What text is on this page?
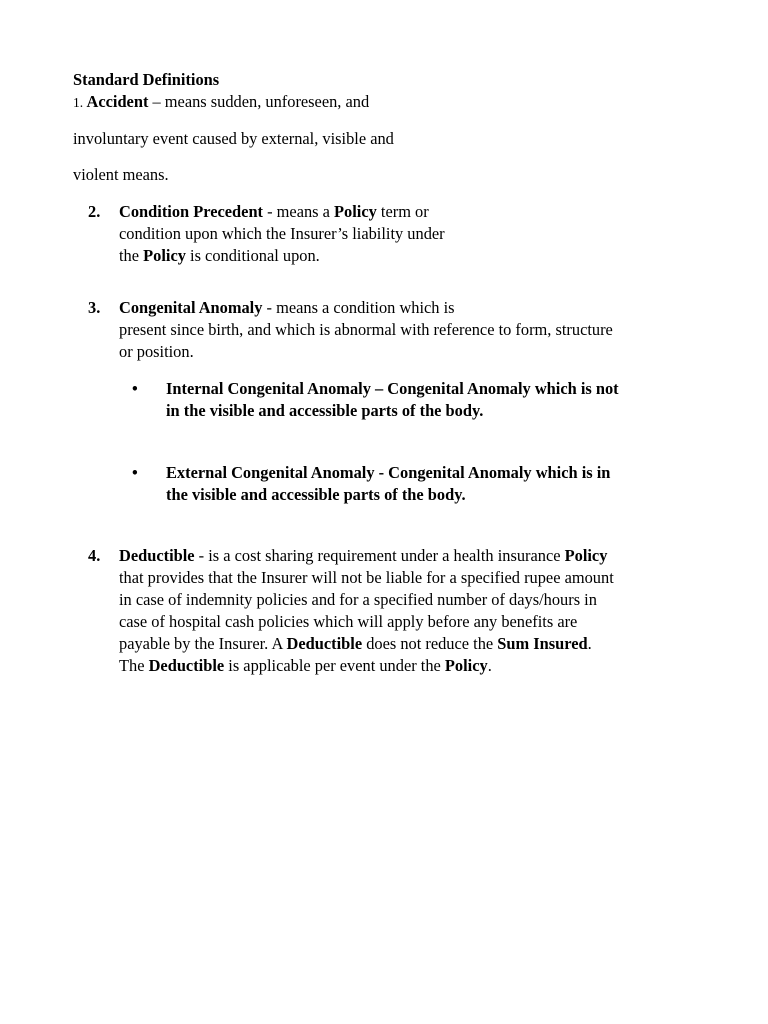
Standard Definitions
1. Accident – means sudden, unforeseen, and
involuntary event caused by external, visible and
violent means.
2. Condition Precedent - means a Policy term or
condition upon which the Insurer’s liability under
the Policy is conditional upon.
3. Congenital Anomaly - means a condition which is
present since birth, and which is abnormal with reference to form, structure
or position.
• Internal Congenital Anomaly – Congenital Anomaly which is not
in the visible and accessible parts of the body.
• External Congenital Anomaly - Congenital Anomaly which is in
the visible and accessible parts of the body.
4. Deductible - is a cost sharing requirement under a health insurance Policy
that provides that the Insurer will not be liable for a specified rupee amount
in case of indemnity policies and for a specified number of days/hours in
case of hospital cash policies which will apply before any benefits are
payable by the Insurer. A Deductible does not reduce the Sum Insured.
The Deductible is applicable per event under the Policy.
